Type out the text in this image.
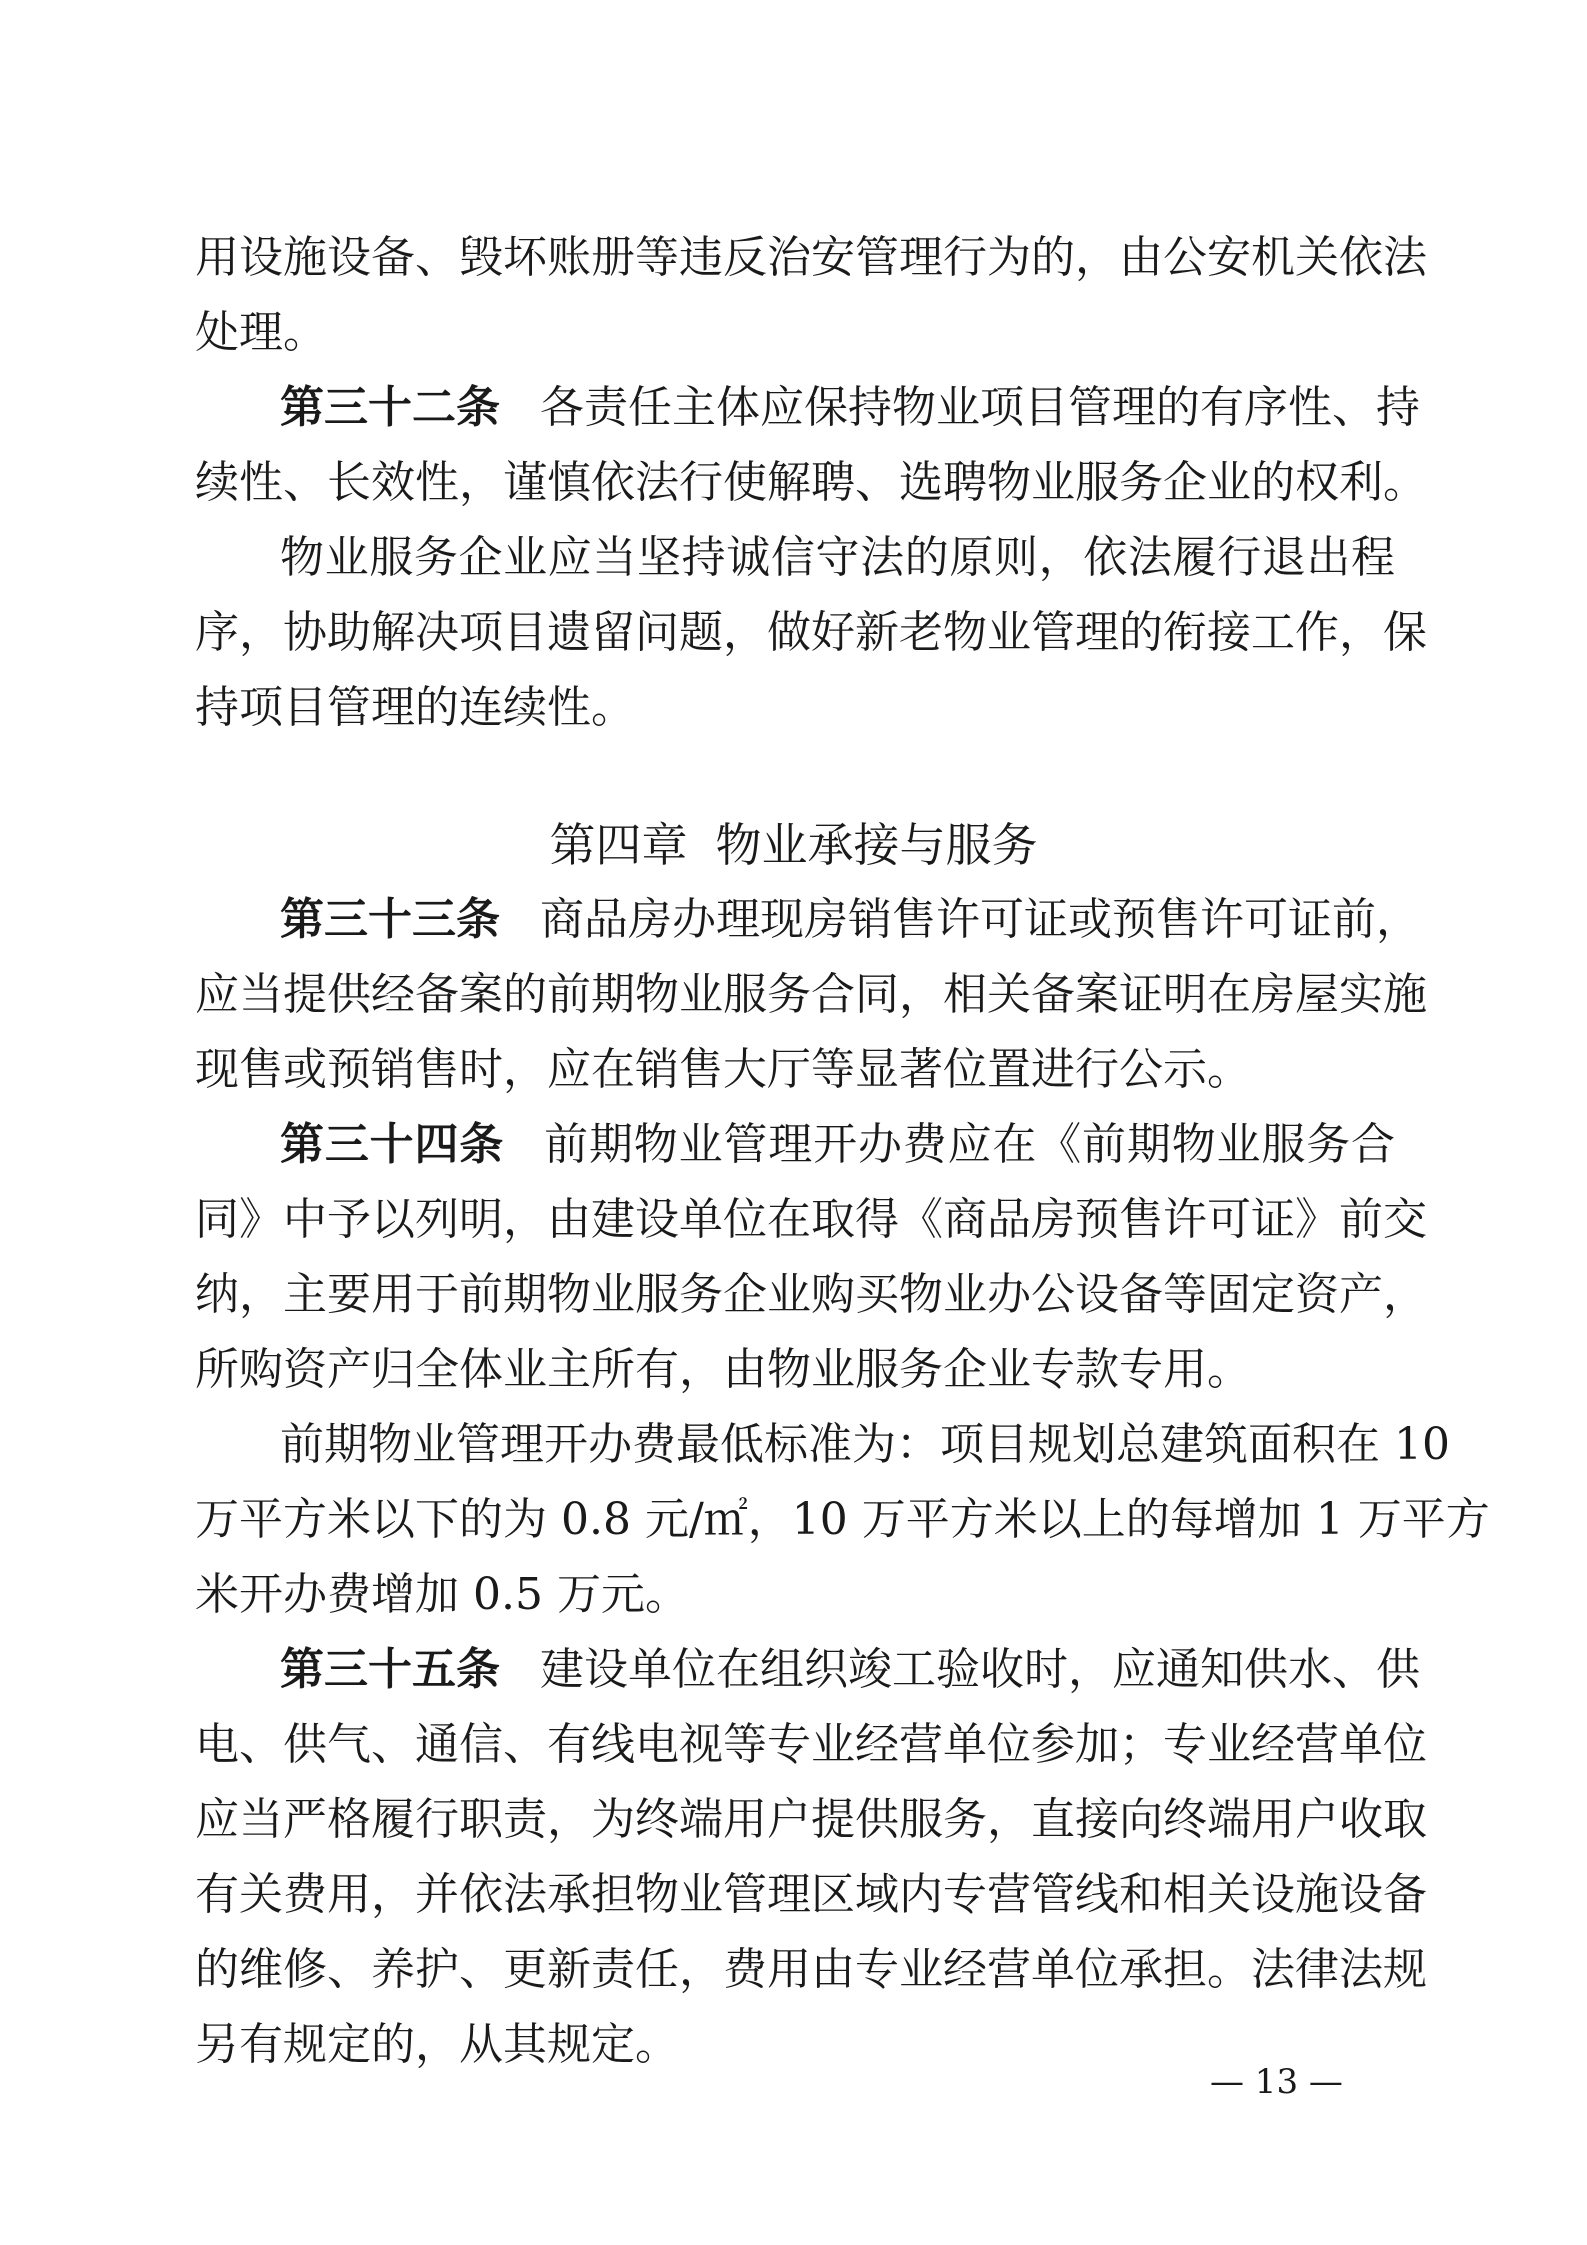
用设施设备、毁坏账册等违反治安管理行为的，由公安机关依法
处理。
第三十二条 各责任主体应保持物业项目管理的有序性、持
续性、长效性，谨慎依法行使解聘、选聘物业服务企业的权利。
物业服务企业应当坚持诚信守法的原则，依法履行退出程
序，协助解决项目遗留问题，做好新老物业管理的衔接工作，保
持项目管理的连续性。
第四章 物业承接与服务
第三十三条 商品房办理现房销售许可证或预售许可证前，
应当提供经备案的前期物业服务合同，相关备案证明在房屋实施
现售或预销售时，应在销售大厅等显著位置进行公示。
第三十四条 前期物业管理开办费应在《前期物业服务合
同》中予以列明，由建设单位在取得《商品房预售许可证》前交
纳，主要用于前期物业服务企业购买物业办公设备等固定资产，
所购资产归全体业主所有，由物业服务企业专款专用。
前期物业管理开办费最低标准为：项目规划总建筑面积在 10
万平方米以下的为 0.8 元/㎡，10 万平方米以上的每增加 1 万平方
米开办费增加 0.5 万元。
第三十五条 建设单位在组织竣工验收时，应通知供水、供
电、供气、通信、有线电视等专业经营单位参加；专业经营单位
应当严格履行职责，为终端用户提供服务，直接向终端用户收取
有关费用，并依法承担物业管理区域内专营管线和相关设施设备
的维修、养护、更新责任，费用由专业经营单位承担。法律法规
另有规定的，从其规定。
— 13 —
